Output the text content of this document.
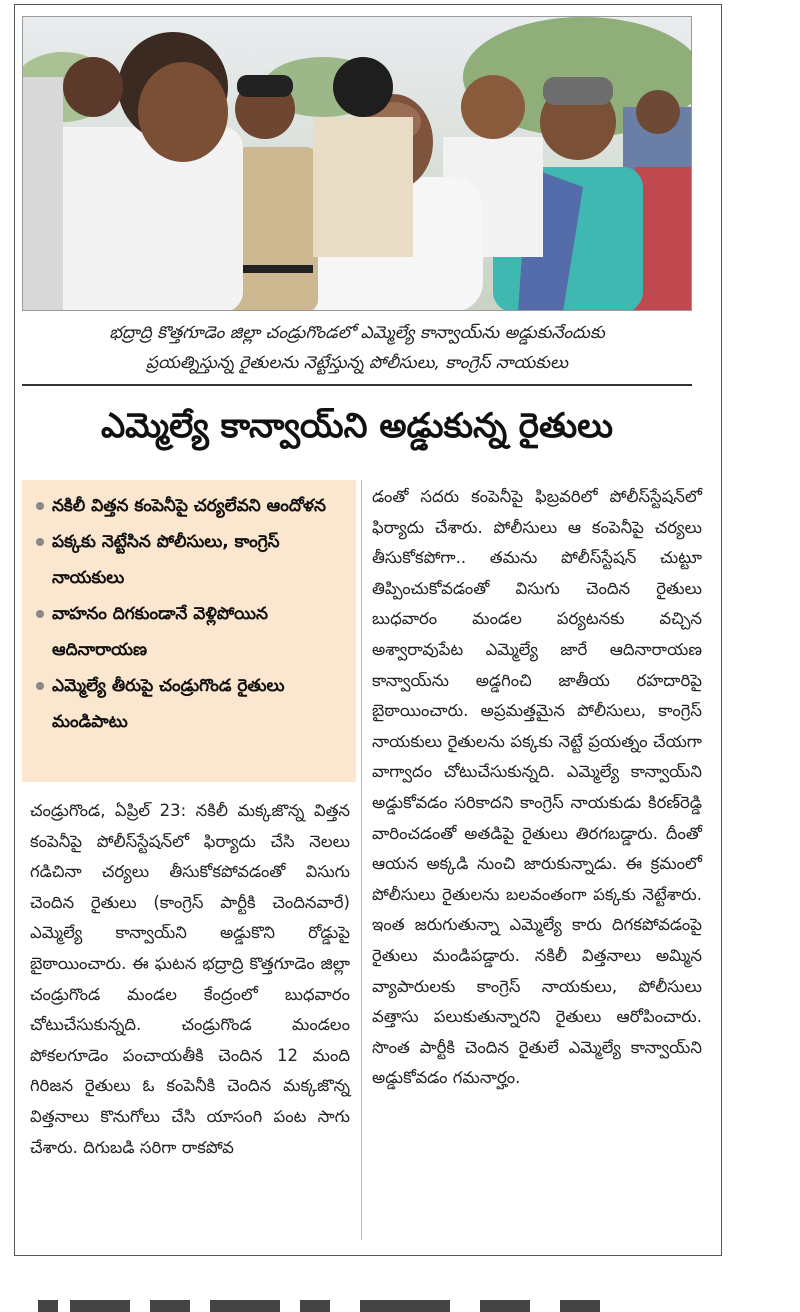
భద్రాద్రి కొత్తగూడెం జిల్లా చండ్రుగొండలో ఎమ్మెల్యే కాన్వాయ్‌ను అడ్డుకునేందుకు
ప్రయత్నిస్తున్న రైతులను నెట్టేస్తున్న పోలీసులు, కాంగ్రెస్ నాయకులు
ఎమ్మెల్యే కాన్వాయ్‌ని అడ్డుకున్న రైతులు
నకిలీ విత్తన కంపెనీపై చర్యలేవని ఆందోళన
పక్కకు నెట్టేసిన పోలీసులు, కాంగ్రెస్ నాయకులు
వాహనం దిగకుండానే వెళ్లిపోయిన ఆదినారాయణ
ఎమ్మెల్యే తీరుపై చండ్రుగొండ రైతులు మండిపాటు

చండ్రుగొండ, ఏప్రిల్ 23: నకిలీ మక్కజొన్న విత్తన కంపెనీపై పోలీస్‌స్టేషన్‌లో ఫిర్యాదు చేసి నెలలు గడిచినా చర్యలు తీసుకోకపోవడంతో విసుగు చెందిన రైతులు (కాంగ్రెస్ పార్టీకి చెందినవారే) ఎమ్మెల్యే కాన్వాయ్‌ని అడ్డుకొని రోడ్డుపై బైఠాయించారు. ఈ ఘటన భద్రాద్రి కొత్తగూడెం జిల్లా చండ్రుగొండ మండల కేంద్రంలో బుధవారం చోటుచేసుకున్నది. చండ్రుగొండ మండలం పోకలగూడెం పంచాయతీకి చెందిన 12 మంది గిరిజన రైతులు ఓ కంపెనీకి చెందిన మక్కజొన్న విత్తనాలు కొనుగోలు చేసి యాసంగి పంట సాగు చేశారు. దిగుబడి సరిగా రాకపోవ

డంతో సదరు కంపెనీపై ఫిబ్రవరిలో పోలీస్‌స్టేషన్‌లో ఫిర్యాదు చేశారు. పోలీసులు ఆ కంపెనీపై చర్యలు తీసుకోకపోగా.. తమను పోలీస్‌స్టేషన్ చుట్టూ తిప్పించుకోవడంతో విసుగు చెందిన రైతులు బుధవారం మండల పర్యటనకు వచ్చిన అశ్వారావుపేట ఎమ్మెల్యే జారే ఆదినారాయణ కాన్వాయ్‌ను అడ్డగించి జాతీయ రహదారిపై బైఠాయించారు. అప్రమత్తమైన పోలీసులు, కాంగ్రెస్ నాయకులు రైతులను పక్కకు నెట్టే ప్రయత్నం చేయగా వాగ్వాదం చోటుచేసుకున్నది. ఎమ్మెల్యే కాన్వాయ్‌ని అడ్డుకోవడం సరికాదని కాంగ్రెస్ నాయకుడు కిరణ్‌రెడ్డి వారించడంతో అతడిపై రైతులు తిరగబడ్డారు. దీంతో ఆయన అక్కడి నుంచి జారుకున్నాడు. ఈ క్రమంలో పోలీసులు రైతులను బలవంతంగా పక్కకు నెట్టేశారు. ఇంత జరుగుతున్నా ఎమ్మెల్యే కారు దిగకపోవడంపై రైతులు మండిపడ్డారు. నకిలీ విత్తనాలు అమ్మిన వ్యాపారులకు కాంగ్రెస్ నాయకులు, పోలీసులు వత్తాసు పలుకుతున్నారని రైతులు ఆరోపించారు. సొంత పార్టీకి చెందిన రైతులే ఎమ్మెల్యే కాన్వాయ్‌ని అడ్డుకోవడం గమనార్హం.
